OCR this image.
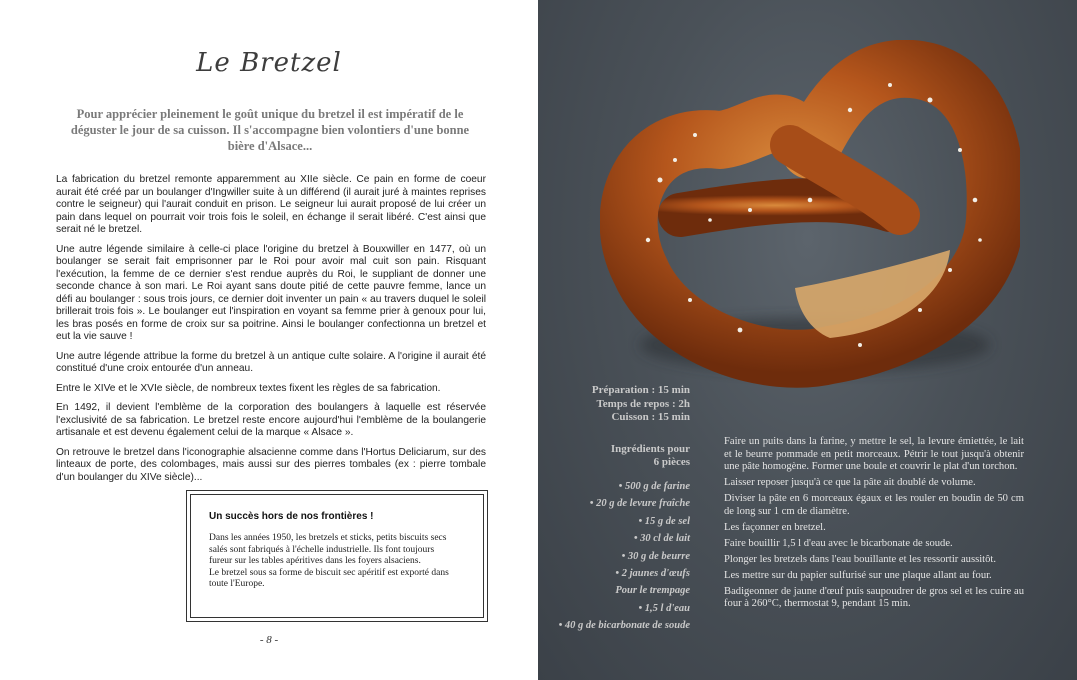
Le Bretzel
Pour apprécier pleinement le goût unique du bretzel il est impératif de le déguster le jour de sa cuisson. Il s'accompagne bien volontiers d'une bonne bière d'Alsace...

La fabrication du bretzel remonte apparemment au XIIe siècle. Ce pain en forme de coeur aurait été créé par un boulanger d'Ingwiller suite à un différend (il aurait juré à maintes reprises contre le seigneur) qui l'aurait conduit en prison. Le seigneur lui aurait proposé de lui créer un pain dans lequel on pourrait voir trois fois le soleil, en échange il serait libéré. C'est ainsi que serait né le bretzel.

Une autre légende similaire à celle-ci place l'origine du bretzel à Bouxwiller en 1477, où un boulanger se serait fait emprisonner par le Roi pour avoir mal cuit son pain. Risquant l'exécution, la femme de ce dernier s'est rendue auprès du Roi, le suppliant de donner une seconde chance à son mari. Le Roi ayant sans doute pitié de cette pauvre femme, lance un défi au boulanger : sous trois jours, ce dernier doit inventer un pain « au travers duquel le soleil brillerait trois fois ». Le boulanger eut l'inspiration en voyant sa femme prier à genoux pour lui, les bras posés en forme de croix sur sa poitrine. Ainsi le boulanger confectionna un bretzel et eut la vie sauve !

Une autre légende attribue la forme du bretzel à un antique culte solaire. A l'origine il aurait été constitué d'une croix entourée d'un anneau.

Entre le XIVe et le XVIe siècle, de nombreux textes fixent les règles de sa fabrication.

En 1492, il devient l'emblème de la corporation des boulangers à laquelle est réservée l'exclusivité de sa fabrication. Le bretzel reste encore aujourd'hui l'emblème de la boulangerie artisanale et est devenu également celui de la marque « Alsace ».

On retrouve le bretzel dans l'iconographie alsacienne comme dans l'Hortus Deliciarum, sur des linteaux de porte, des colombages, mais aussi sur des pierres tombales (ex : pierre tombale d'un boulanger du XIVe siècle)...

Un succès hors de nos frontières !
Dans les années 1950, les bretzels et sticks, petits biscuits secs
salés sont fabriqués à l'échelle industrielle. Ils font toujours
fureur sur les tables apéritives dans les foyers alsaciens.
Le bretzel sous sa forme de biscuit sec apéritif est exporté dans
toute l'Europe.
- 8 -
Préparation : 15 min
Temps de repos : 2h
Cuisson : 15 min
Ingrédients pour
6 pièces
• 500 g de farine
• 20 g de levure fraîche
• 15 g de sel
• 30 cl de lait
• 30 g de beurre
• 2 jaunes d'œufs
Pour le trempage
• 1,5 l d'eau
• 40 g de bicarbonate de soude

Faire un puits dans la farine, y mettre le sel, la levure émiettée, le lait et le beurre pommade en petit morceaux. Pétrir le tout jusqu'à obtenir une pâte homogène. Former une boule et couvrir le plat d'un torchon.

Laisser reposer jusqu'à ce que la pâte ait doublé de volume.

Diviser la pâte en 6 morceaux égaux et les rouler en boudin de 50 cm de long sur 1 cm de diamètre.

Les façonner en bretzel.

Faire bouillir 1,5 l d'eau avec le bicarbonate de soude.

Plonger les bretzels dans l'eau bouillante et les ressortir aussitôt.

Les mettre sur du papier sulfurisé sur une plaque allant au four.

Badigeonner de jaune d'œuf puis saupoudrer de gros sel et les cuire au four à 260°C, thermostat 9, pendant 15 min.
